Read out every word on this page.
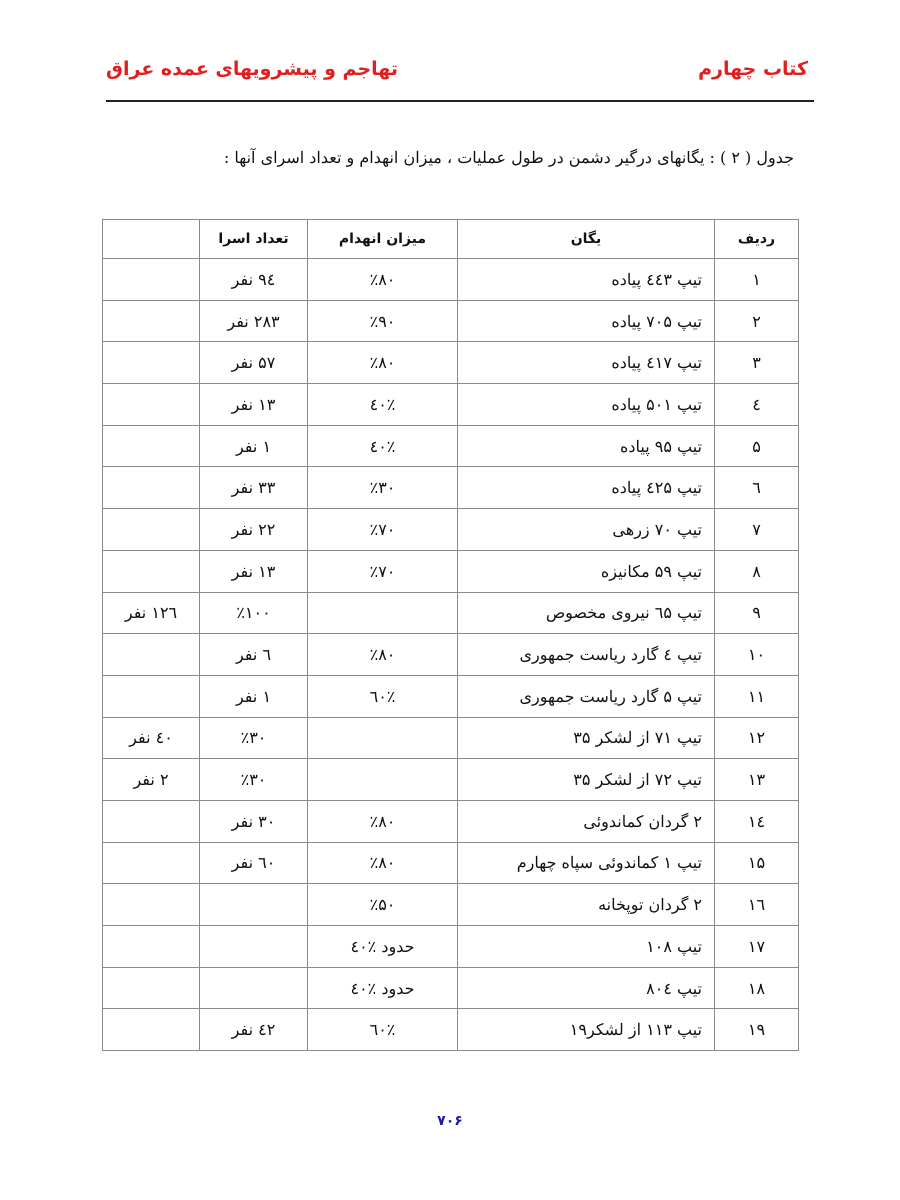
کتاب چهارم
تهاجم و پیشرویهای عمده عراق
جدول ( ۲ ) : یگانهای درگیر دشمن در طول عملیات ، میزان انهدام و تعداد اسرای آنها :
ردیف	یگان	میزان انهدام	تعداد اسرا	
۱	تیپ ٤٤٣ پیاده	٪۸۰	۹٤ نفر	
۲	تیپ ۷۰۵ پیاده	٪۹۰	۲۸۳ نفر	
۳	تیپ ٤۱۷ پیاده	٪۸۰	۵۷ نفر	
٤	تیپ ۵۰۱ پیاده	٪٤۰	۱۳ نفر	
۵	تیپ ۹۵ پیاده	٪٤۰	۱ نفر	
٦	تیپ ٤۲۵ پیاده	٪۳۰	۳۳ نفر	
۷	تیپ ۷۰ زرهی	٪۷۰	۲۲ نفر	
۸	تیپ ۵۹ مکانیزه	٪۷۰	۱۳ نفر	
۹	تیپ ٦۵ نیروی مخصوص		٪۱۰۰	۱۲٦ نفر
۱۰	تیپ ٤ گارد ریاست جمهوری	٪۸۰	٦ نفر	
۱۱	تیپ ۵ گارد ریاست جمهوری	٪٦۰	۱ نفر	
۱۲	تیپ ۷۱ از لشکر ۳۵		٪۳۰	٤۰ نفر
۱۳	تیپ ۷۲ از لشکر ۳۵		٪۳۰	۲ نفر
۱٤	۲ گردان کماندوئی	٪۸۰	۳۰ نفر	
۱۵	تیپ ۱ کماندوئی سپاه چهارم	٪۸۰	٦۰ نفر	
۱٦	۲ گردان توپخانه	٪۵۰		
۱۷	تیپ ۱۰۸	حدود ٪٤۰		
۱۸	تیپ ۸۰٤	حدود ٪٤۰		
۱۹	تیپ ۱۱۳ از لشکر۱۹	٪٦۰	٤۲ نفر	
۷۰۶
